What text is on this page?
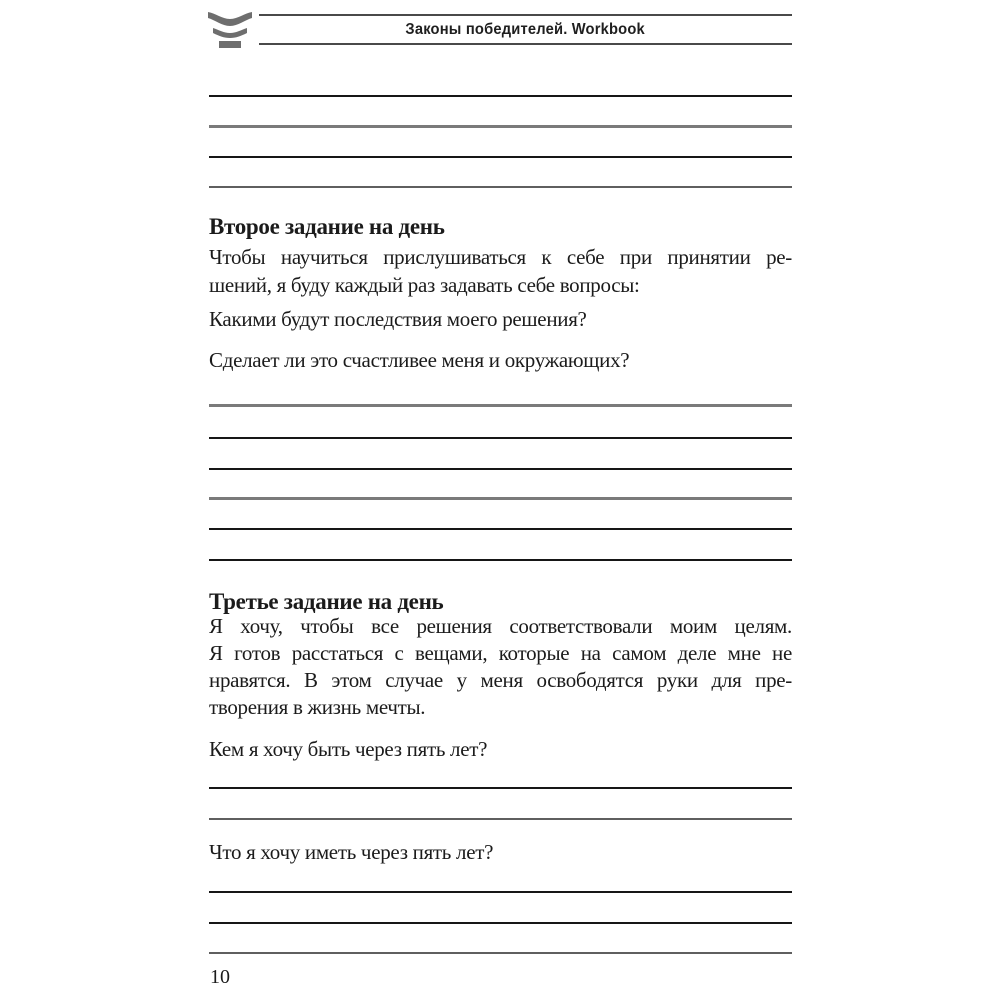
Законы победителей. Workbook
Второе задание на день
Чтобы научиться прислушиваться к себе при принятии ре-
шений, я буду каждый раз задавать себе вопросы:
Какими будут последствия моего решения?
Сделает ли это счастливее меня и окружающих?
Третье задание на день
Я хочу, чтобы все решения соответствовали моим целям.
Я готов расстаться с вещами, которые на самом деле мне не
нравятся. В этом случае у меня освободятся руки для пре-
творения в жизнь мечты.
Кем я хочу быть через пять лет?
Что я хочу иметь через пять лет?
10
